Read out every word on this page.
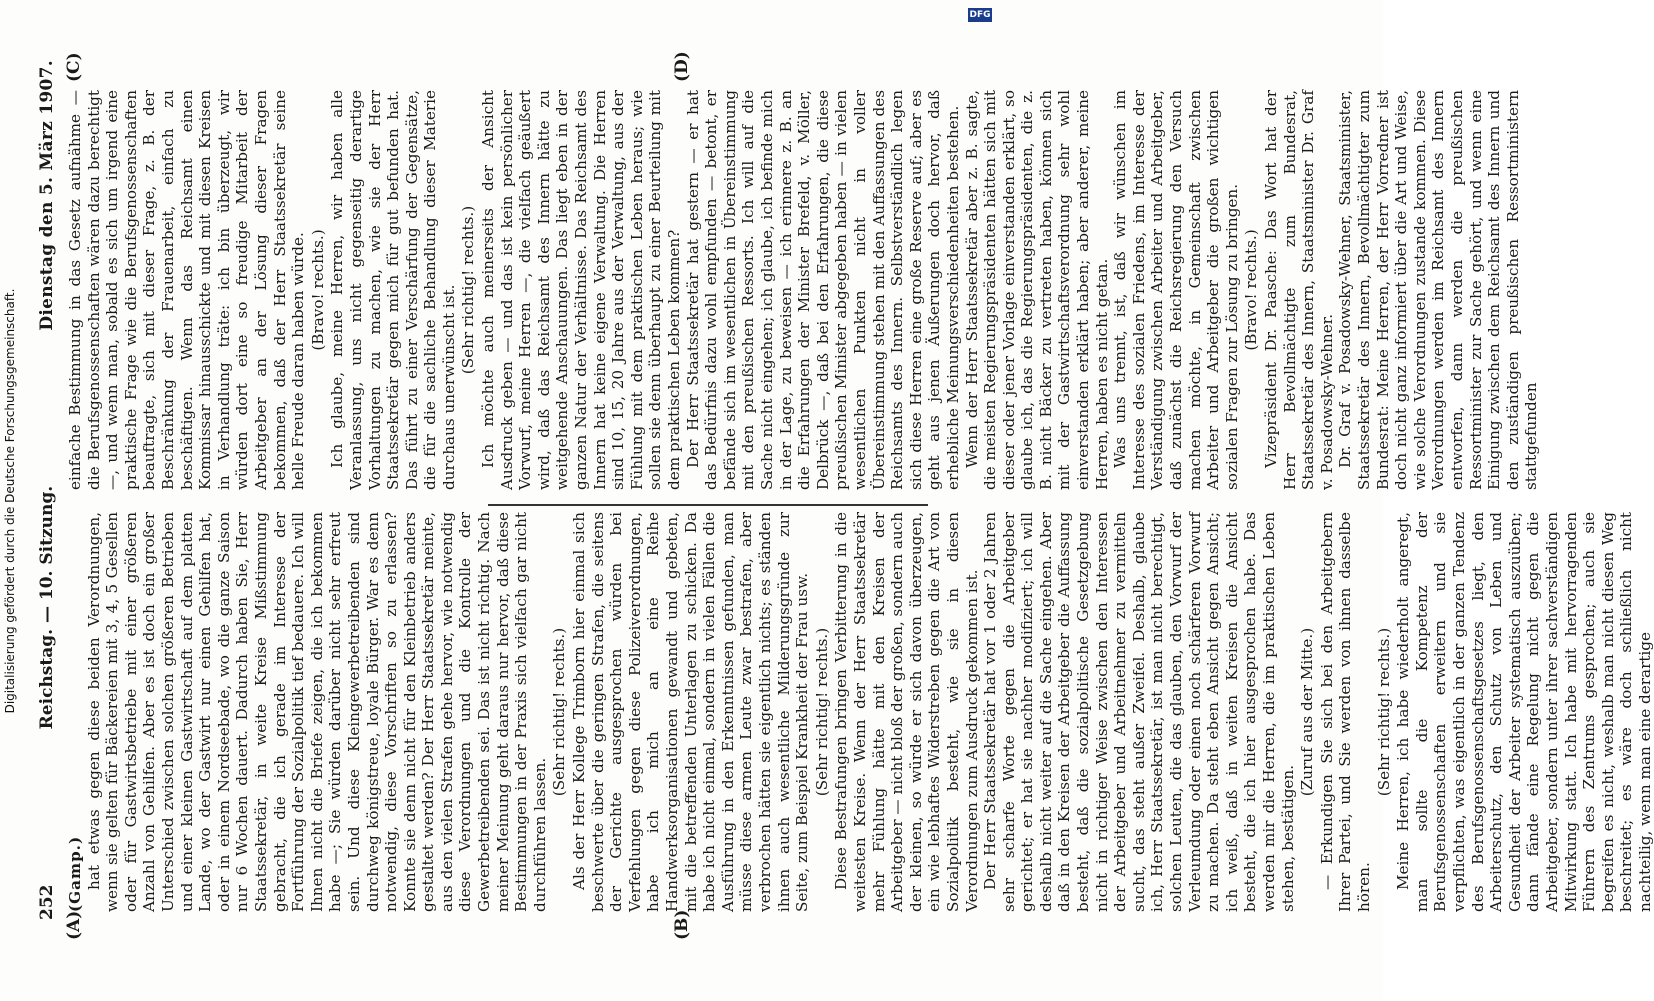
252
Reichstag. — 10. Sitzung.
Dienstag den 5. März 1907.
(A)	(B)
(C)	(D)

(Gamp.) hat etwas gegen diese beiden Verordnungen, wenn sie gelten für Bäckereien mit 3, 4, 5 Gesellen oder für Gastwirtsbetriebe mit einer größeren Anzahl von Gehilfen. Aber es ist doch ein großer Unterschied zwischen solchen größeren Betrieben und einer kleinen Gastwirtschaft auf dem platten Lande, wo der Gastwirt nur einen Gehilfen hat, oder in einem Nordseebade, wo die ganze Saison nur 6 Wochen dauert. Dadurch haben Sie, Herr Staatssekretär, in weite Kreise Mißstimmung gebracht, die ich gerade im Interesse der Fortführung der Sozialpolitik tief bedauere. Ich will Ihnen nicht die Briefe zeigen, die ich bekommen habe —; Sie würden darüber nicht sehr erfreut sein. Und diese Kleingewerbetreibenden sind durchweg königstreue, loyale Bürger. War es denn notwendig, diese Vorschriften so zu erlassen? Konnte sie denn nicht für den Kleinbetrieb anders gestaltet werden? Der Herr Staatssekretär meinte, aus den vielen Strafen gehe hervor, wie notwendig diese Verordnungen und die Kontrolle der Gewerbetreibenden sei. Das ist nicht richtig. Nach meiner Meinung geht daraus nur hervor, daß diese Bestimmungen in der Praxis sich vielfach gar nicht durchführen lassen.

(Sehr richtig! rechts.) Als der Herr Kollege Trimborn hier einmal sich beschwerte über die geringen Strafen, die seitens der Gerichte ausgesprochen würden bei Verfehlungen gegen diese Polizeiverordnungen, habe ich mich an eine Reihe Handwerksorganisationen gewandt und gebeten, mit die betreffenden Unterlagen zu schicken. Da habe ich nicht einmal, sondern in vielen Fällen die Ausführung in den Erkenntnissen gefunden, man müsse diese armen Leute zwar bestrafen, aber verbrochen hätten sie eigentlich nichts; es ständen ihnen auch wesentliche Milderungsgründe zur Seite, zum Beispiel Krankheit der Frau usw. (Sehr richtig! rechts.) Diese Bestrafungen bringen Verbitterung in die weitesten Kreise. Wenn der Herr Staatssekretär mehr Fühlung hätte mit den Kreisen der Arbeitgeber — nicht bloß der großen, sondern auch der kleinen, so würde er sich davon überzeugen, ein wie lebhaftes Widerstreben gegen die Art von Sozialpolitik besteht, wie sie in diesen Verordnungen zum Ausdruck gekommen ist. Der Herr Staatssekretär hat vor 1 oder 2 Jahren sehr scharfe Worte gegen die Arbeitgeber gerichtet; er hat sie nachher modifiziert; ich will deshalb nicht weiter auf die Sache eingehen. Aber daß in den Kreisen der Arbeitgeber die Auffassung besteht, daß die sozialpolitische Gesetzgebung nicht in richtiger Weise zwischen den Interessen der Arbeitgeber und Arbeitnehmer zu vermitteln sucht, das steht außer Zweifel. Deshalb, glaube ich, Herr Staatssekretär, ist man nicht berechtigt, solchen Leuten, die das glauben, den Vorwurf der Verleumdung oder einen noch schärferen Vorwurf zu machen. Da steht eben Ansicht gegen Ansicht; ich weiß, daß in weiten Kreisen die Ansicht besteht, die ich hier ausgesprochen habe. Das werden mir die Herren, die im praktischen Leben stehen, bestätigen.

(Zuruf aus der Mitte.) — Erkundigen Sie sich bei den Arbeitgebern Ihrer Partei, und Sie werden von ihnen dasselbe hören.

(Sehr richtig! rechts.) Meine Herren, ich habe wiederholt angeregt, man sollte die Kompetenz der Berufsgenossenschaften erweitern und sie verpflichten, was eigentlich in der ganzen Tendenz des Berufsgenossenschaftsgesetzes liegt, den Arbeiterschutz, den Schutz von Leben und Gesundheit der Arbeiter systematisch auszuüben; dann fände eine Regelung nicht gegen die Arbeitgeber, sondern unter ihrer sachverständigen Mitwirkung statt. Ich habe mit hervorragenden Führern des Zentrums gesprochen; auch sie begreifen es nicht, weshalb man nicht diesen Weg beschreitet; es wäre doch schließlich nicht nachteilig, wenn man eine derartige

einfache Bestimmung in das Gesetz aufnähme — die Berufsgenossenschaften wären dazu berechtigt —, und wenn man, sobald es sich um irgend eine praktische Frage wie die Berufsgenossenschaften beauftragte, sich mit dieser Frage, z. B. der Beschränkung der Frauenarbeit, einfach zu beschäftigen. Wenn das Reichsamt einen Kommissar hinausschickte und mit diesen Kreisen in Verhandlung träte: ich bin überzeugt, wir würden dort eine so freudige Mitarbeit der Arbeitgeber an der Lösung dieser Fragen bekommen, daß der Herr Staatssekretär seine helle Freude daran haben würde. (Bravo! rechts.) Ich glaube, meine Herren, wir haben alle Veranlassung, uns nicht gegenseitig derartige Vorhaltungen zu machen, wie sie der Herr Staatssekretär gegen mich für gut befunden hat. Das führt zu einer Verschärfung der Gegensätze, die für die sachliche Behandlung dieser Materie durchaus unerwünscht ist. (Sehr richtig! rechts.) Ich möchte auch meinerseits der Ansicht Ausdruck geben — und das ist kein persönlicher Vorwurf, meine Herren —, die vielfach geäußert wird, daß das Reichsamt des Innern hätte zu weitgehende Anschauungen. Das liegt eben in der ganzen Natur der Verhältnisse. Das Reichsamt des Innern hat keine eigene Verwaltung. Die Herren sind 10, 15, 20 Jahre aus der Verwaltung, aus der Fühlung mit dem praktischen Leben heraus; wie sollen sie denn überhaupt zu einer Beurteilung mit dem praktischen Leben kommen? Der Herr Staatssekretär hat gestern — er hat das Bedürfnis dazu wohl empfunden — betont, er befände sich im wesentlichen in Übereinstimmung mit den preußischen Ressorts. Ich will auf die Sache nicht eingehen; ich glaube, ich befinde mich in der Lage, zu beweisen — ich erinnere z. B. an die Erfahrungen der Minister Brefeld, v. Möller, Delbrück —, daß bei den Erfahrungen, die diese preußischen Minister abgegeben haben — in vielen wesentlichen Punkten nicht in voller Übereinstimmung stehen mit den Auffassungen des Reichsamts des Innern. Selbstverständlich legen sich diese Herren eine große Reserve auf; aber es geht aus jenen Äußerungen doch hervor, daß erhebliche Meinungsverschiedenheiten bestehen. Wenn der Herr Staatssekretär aber z. B. sagte, die meisten Regierungspräsidenten hätten sich mit dieser oder jener Vorlage einverstanden erklärt, so glaube ich, das die Regierungspräsidenten, die z. B. nicht Bäcker zu vertreten haben, können sich mit der Gastwirtschaftsverordnung sehr wohl einverstanden erklärt haben; aber anderer, meine Herren, haben es nicht getan. Was uns trennt, ist, daß wir wünschen im Interesse des sozialen Friedens, im Interesse der Verständigung zwischen Arbeiter und Arbeitgeber, daß zunächst die Reichsregierung den Versuch machen möchte, in Gemeinschaft zwischen Arbeiter und Arbeitgeber die großen wichtigen sozialen Fragen zur Lösung zu bringen. (Bravo! rechts.) Vizepräsident Dr. Paasche: Das Wort hat der Herr Bevollmächtigte zum Bundesrat, Staatssekretär des Innern, Staatsminister Dr. Graf v. Posadowsky-Wehner. Dr. Graf v. Posadowsky-Wehner, Staatsminister, Staatssekretär des Innern, Bevollmächtigter zum Bundesrat: Meine Herren, der Herr Vorredner ist doch nicht ganz informiert über die Art und Weise, wie solche Verordnungen zustande kommen. Diese Verordnungen werden im Reichsamt des Innern entworfen, dann werden die preußischen Ressortminister zur Sache gehört, und wenn eine Einigung zwischen dem Reichsamt des Innern und den zuständigen preußischen Ressortministern stattgefunden

Digitalisierung gefördert durch die Deutsche Forschungsgemeinschaft.
DFG
